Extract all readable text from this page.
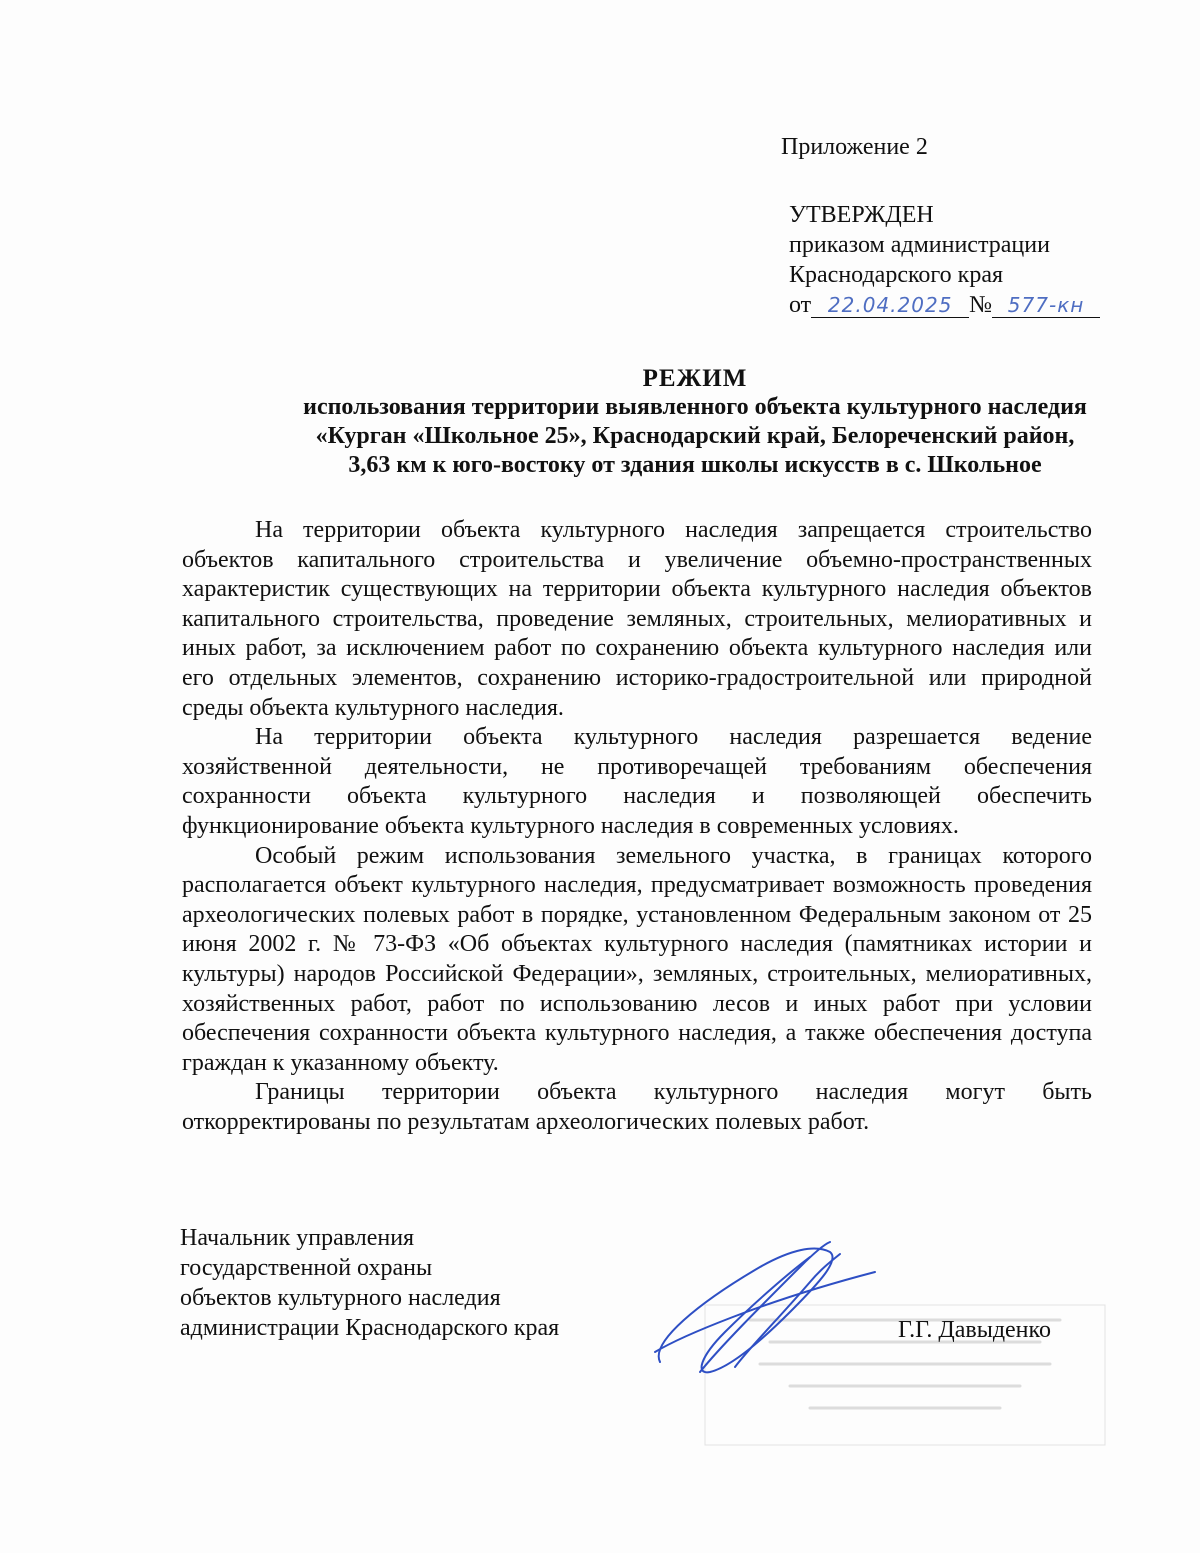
Приложение 2
УТВЕРЖДЕН
приказом администрации
Краснодарского края
от 22.04.2025 № 577-кн
РЕЖИМ
использования территории выявленного объекта культурного наследия
«Курган «Школьное 25», Краснодарский край, Белореченский район,
3,63 км к юго-востоку от здания школы искусств в с. Школьное

На территории объекта культурного наследия запрещается строительство объектов капитального строительства и увеличение объемно-пространственных характеристик существующих на территории объекта культурного наследия объектов капитального строительства, проведение земляных, строительных, мелиоративных и иных работ, за исключением работ по сохранению объекта культурного наследия или его отдельных элементов, сохранению историко-градостроительной или природной среды объекта культурного наследия.

На территории объекта культурного наследия разрешается ведение хозяйственной деятельности, не противоречащей требованиям обеспечения сохранности объекта культурного наследия и позволяющей обеспечить функционирование объекта культурного наследия в современных условиях.

Особый режим использования земельного участка, в границах которого располагается объект культурного наследия, предусматривает возможность проведения археологических полевых работ в порядке, установленном Федеральным законом от 25 июня 2002 г. № 73-ФЗ «Об объектах культурного наследия (памятниках истории и культуры) народов Российской Федерации», земляных, строительных, мелиоративных, хозяйственных работ, работ по использованию лесов и иных работ при условии обеспечения сохранности объекта культурного наследия, а также обеспечения доступа граждан к указанному объекту.

Границы территории объекта культурного наследия могут быть откорректированы по результатам археологических полевых работ.

Начальник управления
государственной охраны
объектов культурного наследия
администрации Краснодарского края	Г.Г. Давыденко
